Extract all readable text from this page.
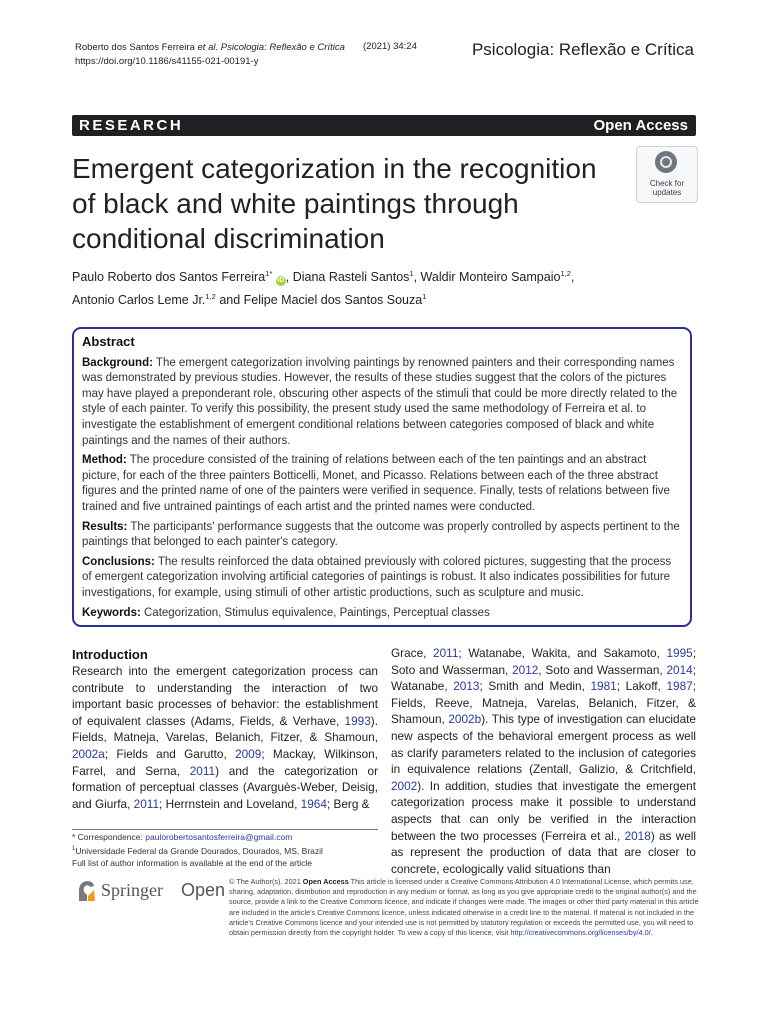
Roberto dos Santos Ferreira et al. Psicologia: Reflexão e Crítica
https://doi.org/10.1186/s41155-021-00191-y
(2021) 34:24	Psicologia: Reflexão e Crítica
RESEARCH	Open Access
Emergent categorization in the recognition
of black and white paintings through
conditional discrimination
Check for
updates
Paulo Roberto dos Santos Ferreira$^{1*}$ iD , Diana Rasteli Santos$^1$, Waldir Monteiro Sampaio$^{1,2}$,
Antonio Carlos Leme Jr.$^{1,2}$ and Felipe Maciel dos Santos Souza$^1$
Abstract

Background: The emergent categorization involving paintings by renowned painters and their corresponding names was demonstrated by previous studies. However, the results of these studies suggest that the colors of the pictures may have played a preponderant role, obscuring other aspects of the stimuli that could be more directly related to the style of each painter. To verify this possibility, the present study used the same methodology of Ferreira et al. to investigate the establishment of emergent conditional relations between categories composed of black and white paintings and the names of their authors.

Method: The procedure consisted of the training of relations between each of the ten paintings and an abstract picture, for each of the three painters Botticelli, Monet, and Picasso. Relations between each of the three abstract figures and the printed name of one of the painters were verified in sequence. Finally, tests of relations between five trained and five untrained paintings of each artist and the printed names were conducted.

Results: The participants' performance suggests that the outcome was properly controlled by aspects pertinent to the paintings that belonged to each painter's category.

Conclusions: The results reinforced the data obtained previously with colored pictures, suggesting that the process of emergent categorization involving artificial categories of paintings is robust. It also indicates possibilities for future investigations, for example, using stimuli of other artistic productions, such as sculpture and music.

Keywords: Categorization, Stimulus equivalence, Paintings, Perceptual classes

Introduction
Research into the emergent categorization process can contribute to understanding the interaction of two important basic processes of behavior: the establishment of equivalent classes (Adams, Fields, & Verhave, 1993). Fields, Matneja, Varelas, Belanich, Fitzer, & Shamoun, 2002a; Fields and Garutto, 2009; Mackay, Wilkinson, Farrel, and Serna, 2011) and the categorization or formation of perceptual classes (Avarguès-Weber, Deisig, and Giurfa, 2011; Herrnstein and Loveland, 1964; Berg &
Grace, 2011; Watanabe, Wakita, and Sakamoto, 1995; Soto and Wasserman, 2012, Soto and Wasserman, 2014; Watanabe, 2013; Smith and Medin, 1981; Lakoff, 1987; Fields, Reeve, Matneja, Varelas, Belanich, Fitzer, & Shamoun, 2002b). This type of investigation can elucidate new aspects of the behavioral emergent process as well as clarify parameters related to the inclusion of categories in equivalence relations (Zentall, Galizio, & Critchfield, 2002). In addition, studies that investigate the emergent categorization process make it possible to understand aspects that can only be verified in the interaction between the two processes (Ferreira et al., 2018) as well as represent the production of data that are closer to concrete, ecologically valid situations than
* Correspondence: paulorobertosantosferreira@gmail.com
$^1$Universidade Federal da Grande Dourados, Dourados, MS, Brazil
Full list of author information is available at the end of the article
Springer Open © The Author(s). 2021 Open Access This article is licensed under a Creative Commons Attribution 4.0 International License, which permits use, sharing, adaptation, distribution and reproduction in any medium or format, as long as you give appropriate credit to the original author(s) and the source, provide a link to the Creative Commons licence, and indicate if changes were made. The images or other third party material in this article are included in the article's Creative Commons licence, unless indicated otherwise in a credit line to the material. If material is not included in the article's Creative Commons licence and your intended use is not permitted by statutory regulation or exceeds the permitted use, you will need to obtain permission directly from the copyright holder. To view a copy of this licence, visit http://creativecommons.org/licenses/by/4.0/.
